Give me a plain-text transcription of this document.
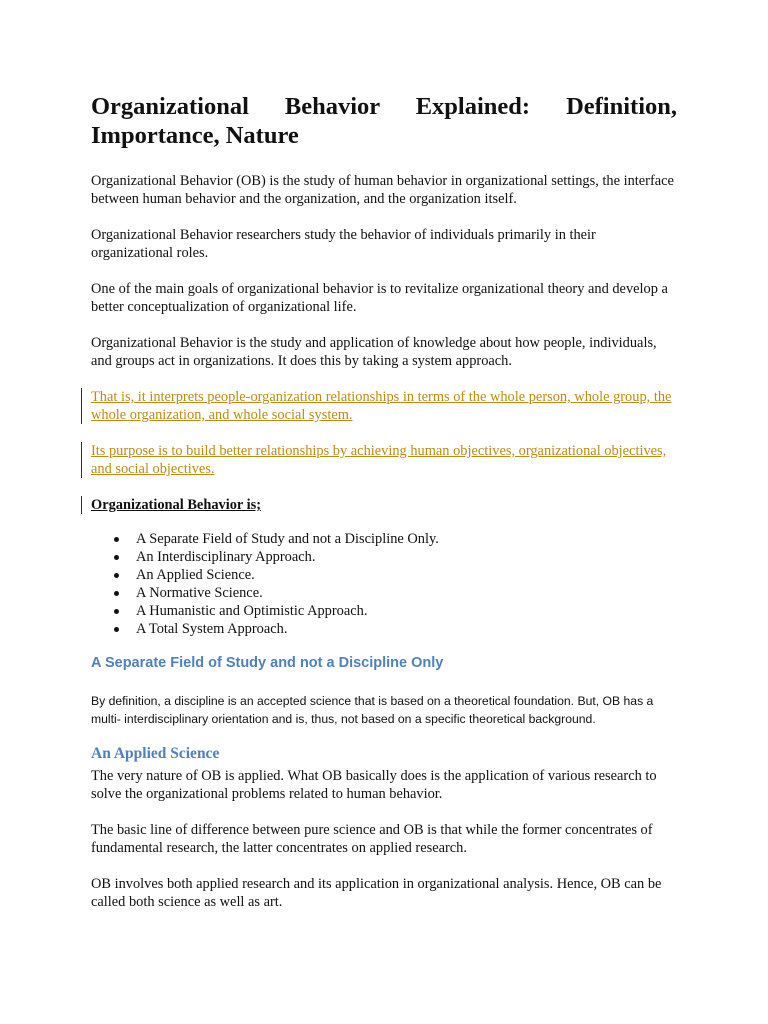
Organizational Behavior Explained: Definition,
Importance, Nature

Organizational Behavior (OB) is the study of human behavior in organizational settings, the interface between human behavior and the organization, and the organization itself.

Organizational Behavior researchers study the behavior of individuals primarily in their organizational roles.

One of the main goals of organizational behavior is to revitalize organizational theory and develop a better conceptualization of organizational life.

Organizational Behavior is the study and application of knowledge about how people, individuals, and groups act in organizations. It does this by taking a system approach.

That is, it interprets people-organization relationships in terms of the whole person, whole group, the whole organization, and whole social system.

Its purpose is to build better relationships by achieving human objectives, organizational objectives, and social objectives.

Organizational Behavior is;

A Separate Field of Study and not a Discipline Only.
An Interdisciplinary Approach.
An Applied Science.
A Normative Science.
A Humanistic and Optimistic Approach.
A Total System Approach.
A Separate Field of Study and not a Discipline Only

By definition, a discipline is an accepted science that is based on a theoretical foundation. But, OB has a multi- interdisciplinary orientation and is, thus, not based on a specific theoretical background.

An Applied Science

The very nature of OB is applied. What OB basically does is the application of various research to solve the organizational problems related to human behavior.

The basic line of difference between pure science and OB is that while the former concentrates of fundamental research, the latter concentrates on applied research.

OB involves both applied research and its application in organizational analysis. Hence, OB can be called both science as well as art.
